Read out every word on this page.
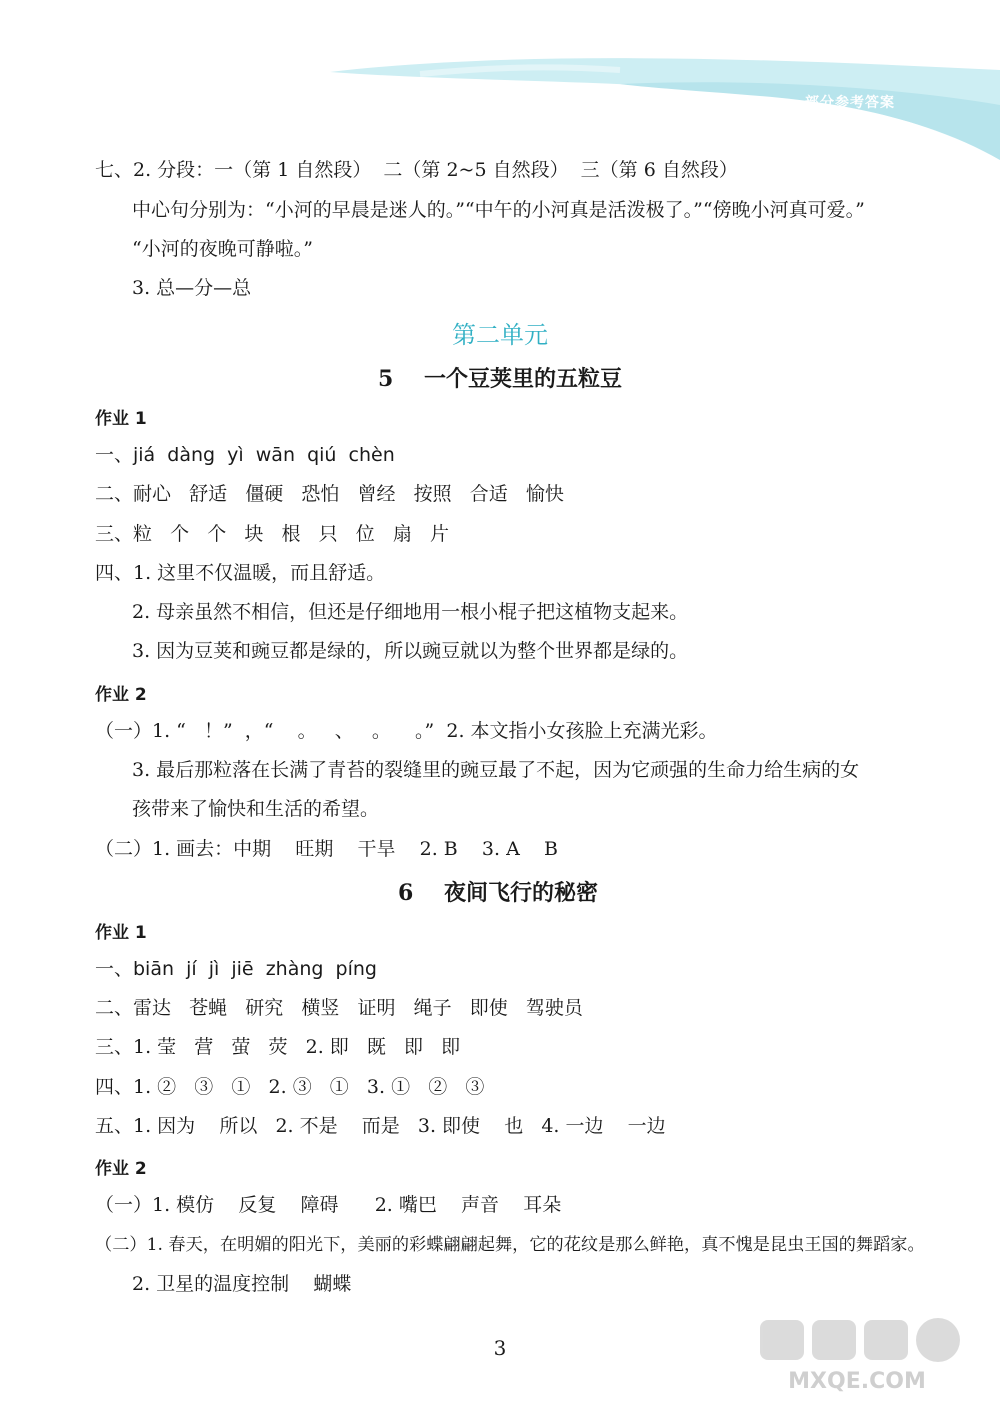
部分参考答案
七、2. 分段：一（第 1 自然段）  二（第 2~5 自然段）  三（第 6 自然段）
中心句分别为：“小河的早晨是迷人的。”“中午的小河真是活泼极了。”“傍晚小河真可爱。”
“小河的夜晚可静啦。”
3. 总—分—总
第二单元
5    一个豆荚里的五粒豆
作业 1
一、jiá  dàng  yì  wān  qiú  chèn
二、耐心   舒适   僵硬   恐怕   曾经   按照   合适   愉快
三、粒   个   个   块   根   只   位   扇   片
四、1. 这里不仅温暖，而且舒适。
2. 母亲虽然不相信，但还是仔细地用一根小棍子把这植物支起来。
3. 因为豆荚和豌豆都是绿的，所以豌豆就以为整个世界都是绿的。
作业 2
（一）1. “   ！”  ，“    。   、   。    。”  2. 本文指小女孩脸上充满光彩。
3. 最后那粒落在长满了青苔的裂缝里的豌豆最了不起，因为它顽强的生命力给生病的女
孩带来了愉快和生活的希望。
（二）1. 画去：中期    旺期    干旱    2. B    3. A    B
6    夜间飞行的秘密
作业 1
一、biān  jí  jì  jiē  zhàng  píng
二、雷达   苍蝇   研究   横竖   证明   绳子   即使   驾驶员
三、1. 莹   营   萤   荧   2. 即   既   即   即
四、1. ②   ③   ①   2. ③   ①   3. ①   ②   ③
五、1. 因为    所以   2. 不是    而是   3. 即使    也   4. 一边    一边
作业 2
（一）1. 模仿    反复    障碍      2. 嘴巴    声音    耳朵
（二）1. 春天，在明媚的阳光下，美丽的彩蝶翩翩起舞，它的花纹是那么鲜艳，真不愧是昆虫王国的舞蹈家。
2. 卫星的温度控制    蝴蝶
3
MXQE.COM
